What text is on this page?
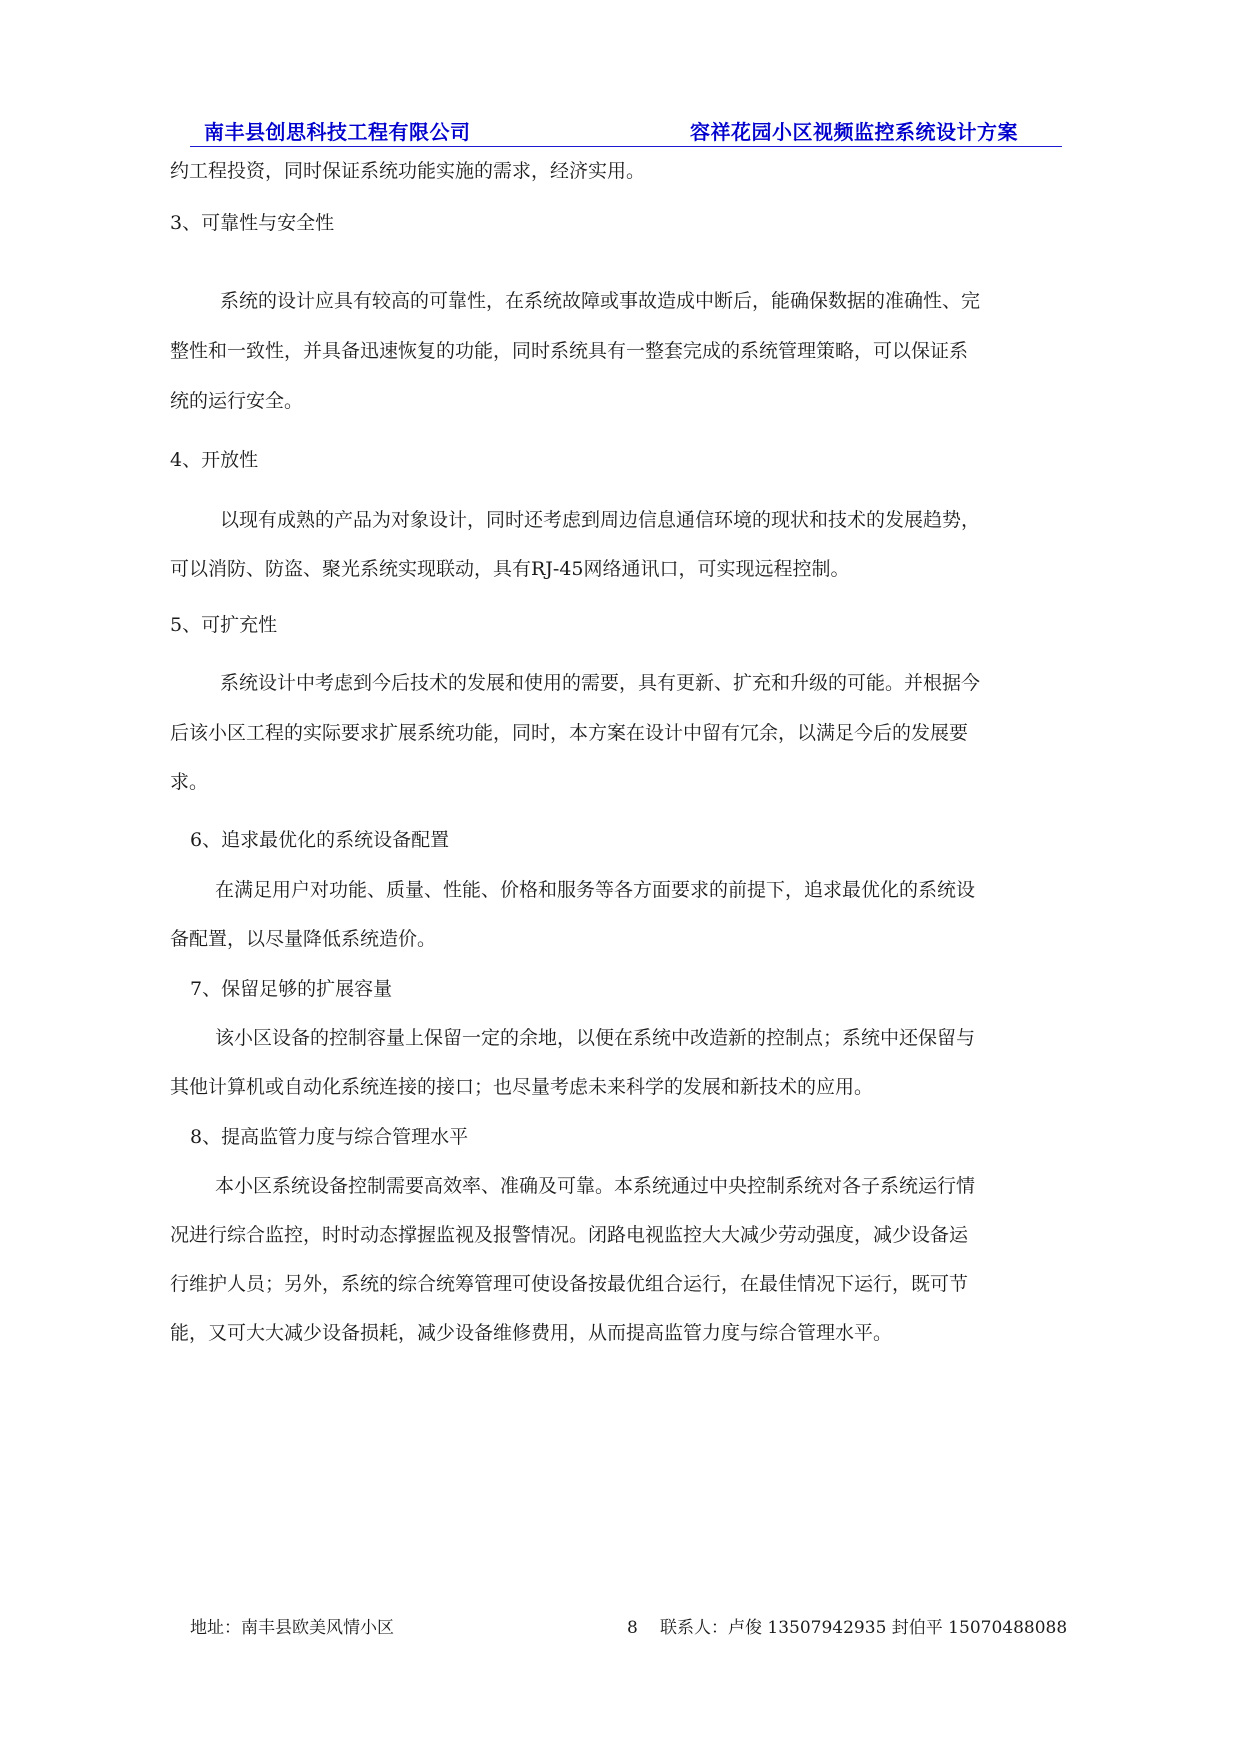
南丰县创思科技工程有限公司	容祥花园小区视频监控系统设计方案
约工程投资，同时保证系统功能实施的需求，经济实用。
3、可靠性与安全性
系统的设计应具有较高的可靠性，在系统故障或事故造成中断后，能确保数据的准确性、完
整性和一致性，并具备迅速恢复的功能，同时系统具有一整套完成的系统管理策略，可以保证系
统的运行安全。
4、开放性
以现有成熟的产品为对象设计，同时还考虑到周边信息通信环境的现状和技术的发展趋势，
可以消防、防盗、聚光系统实现联动，具有RJ-45网络通讯口，可实现远程控制。
5、可扩充性
系统设计中考虑到今后技术的发展和使用的需要，具有更新、扩充和升级的可能。并根据今
后该小区工程的实际要求扩展系统功能，同时，本方案在设计中留有冗余，以满足今后的发展要
求。
6、追求最优化的系统设备配置
在满足用户对功能、质量、性能、价格和服务等各方面要求的前提下，追求最优化的系统设
备配置，以尽量降低系统造价。
7、保留足够的扩展容量
该小区设备的控制容量上保留一定的余地，以便在系统中改造新的控制点；系统中还保留与
其他计算机或自动化系统连接的接口；也尽量考虑未来科学的发展和新技术的应用。
8、提高监管力度与综合管理水平
本小区系统设备控制需要高效率、准确及可靠。本系统通过中央控制系统对各子系统运行情
况进行综合监控，时时动态撑握监视及报警情况。闭路电视监控大大减少劳动强度，减少设备运
行维护人员；另外，系统的综合统筹管理可使设备按最优组合运行，在最佳情况下运行，既可节
能，又可大大减少设备损耗，减少设备维修费用，从而提高监管力度与综合管理水平。
地址：南丰县欧美风情小区	8 联系人：卢俊 13507942935 封伯平 15070488088
